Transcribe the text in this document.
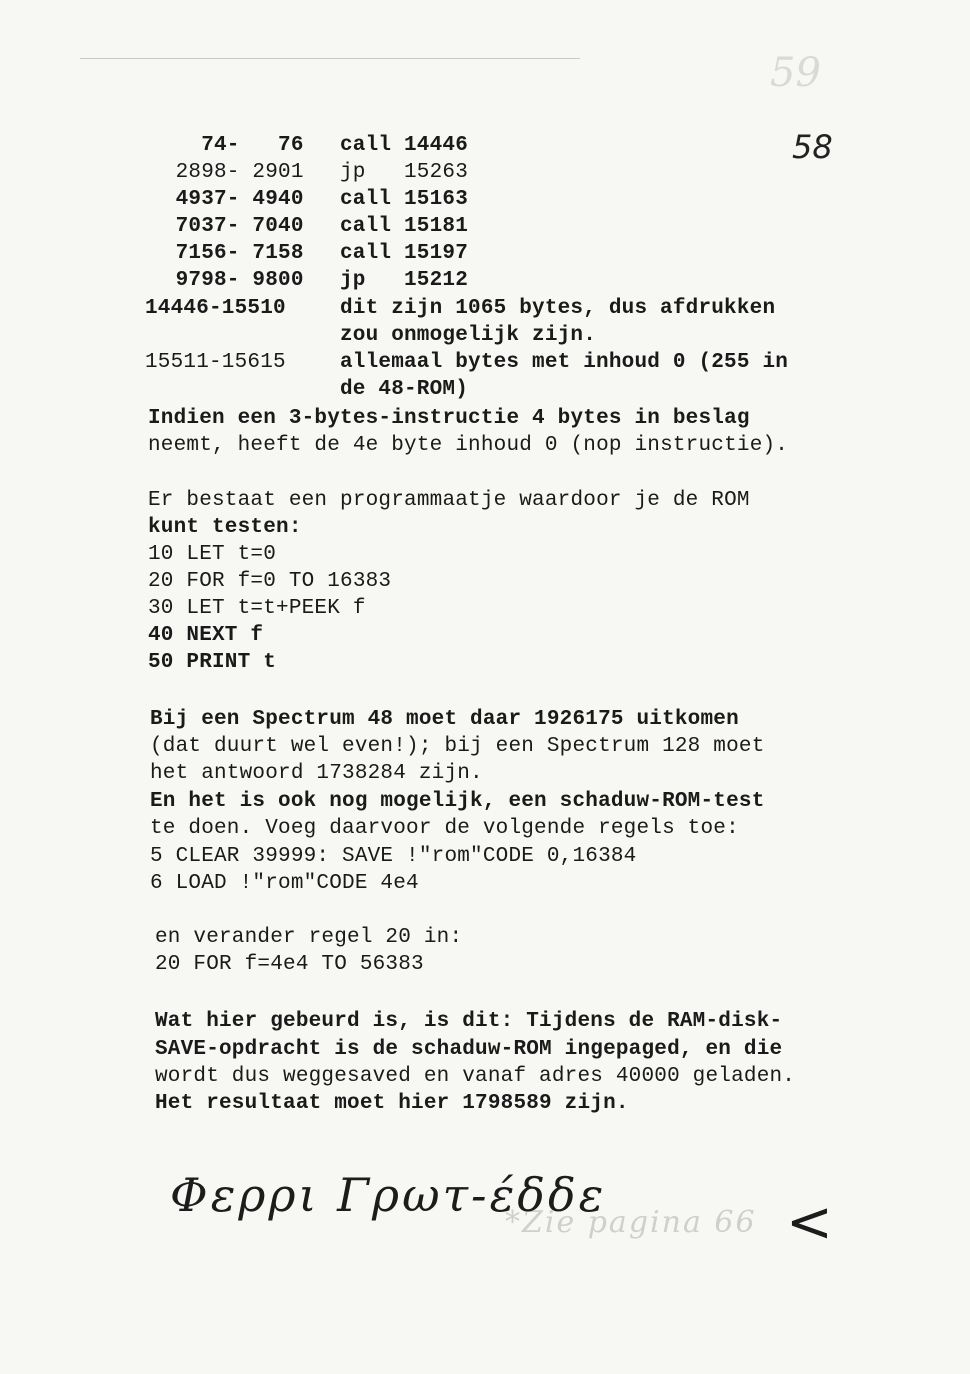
59
58
74-   76 call 14446
2898- 2901 jp   15263
4937- 4940 call 15163
7037- 7040 call 15181
7156- 7158 call 15197
9798- 9800 jp   15212
14446-15510	dit zijn 1065 bytes, dus afdrukken
zou onmogelijk zijn.
15511-15615	allemaal bytes met inhoud 0 (255 in
de 48-ROM)
Indien een 3-bytes-instructie 4 bytes in beslag
neemt, heeft de 4e byte inhoud 0 (nop instructie).
Er bestaat een programmaatje waardoor je de ROM
kunt testen:
10 LET t=0
20 FOR f=0 TO 16383
30 LET t=t+PEEK f
40 NEXT f
50 PRINT t
Bij een Spectrum 48 moet daar 1926175 uitkomen
(dat duurt wel even!); bij een Spectrum 128 moet
het antwoord 1738284 zijn.
En het is ook nog mogelijk, een schaduw-ROM-test
te doen. Voeg daarvoor de volgende regels toe:
5 CLEAR 39999: SAVE !"rom"CODE 0,16384
6 LOAD !"rom"CODE 4e4
en verander regel 20 in:
20 FOR f=4e4 TO 56383
Wat hier gebeurd is, is dit: Tijdens de RAM-disk-
SAVE-opdracht is de schaduw-ROM ingepaged, en die
wordt dus weggesaved en vanaf adres 40000 geladen.
Het resultaat moet hier 1798589 zijn.
*Zie pagina 66
Φερρι Γρωτ-έδδε	<
